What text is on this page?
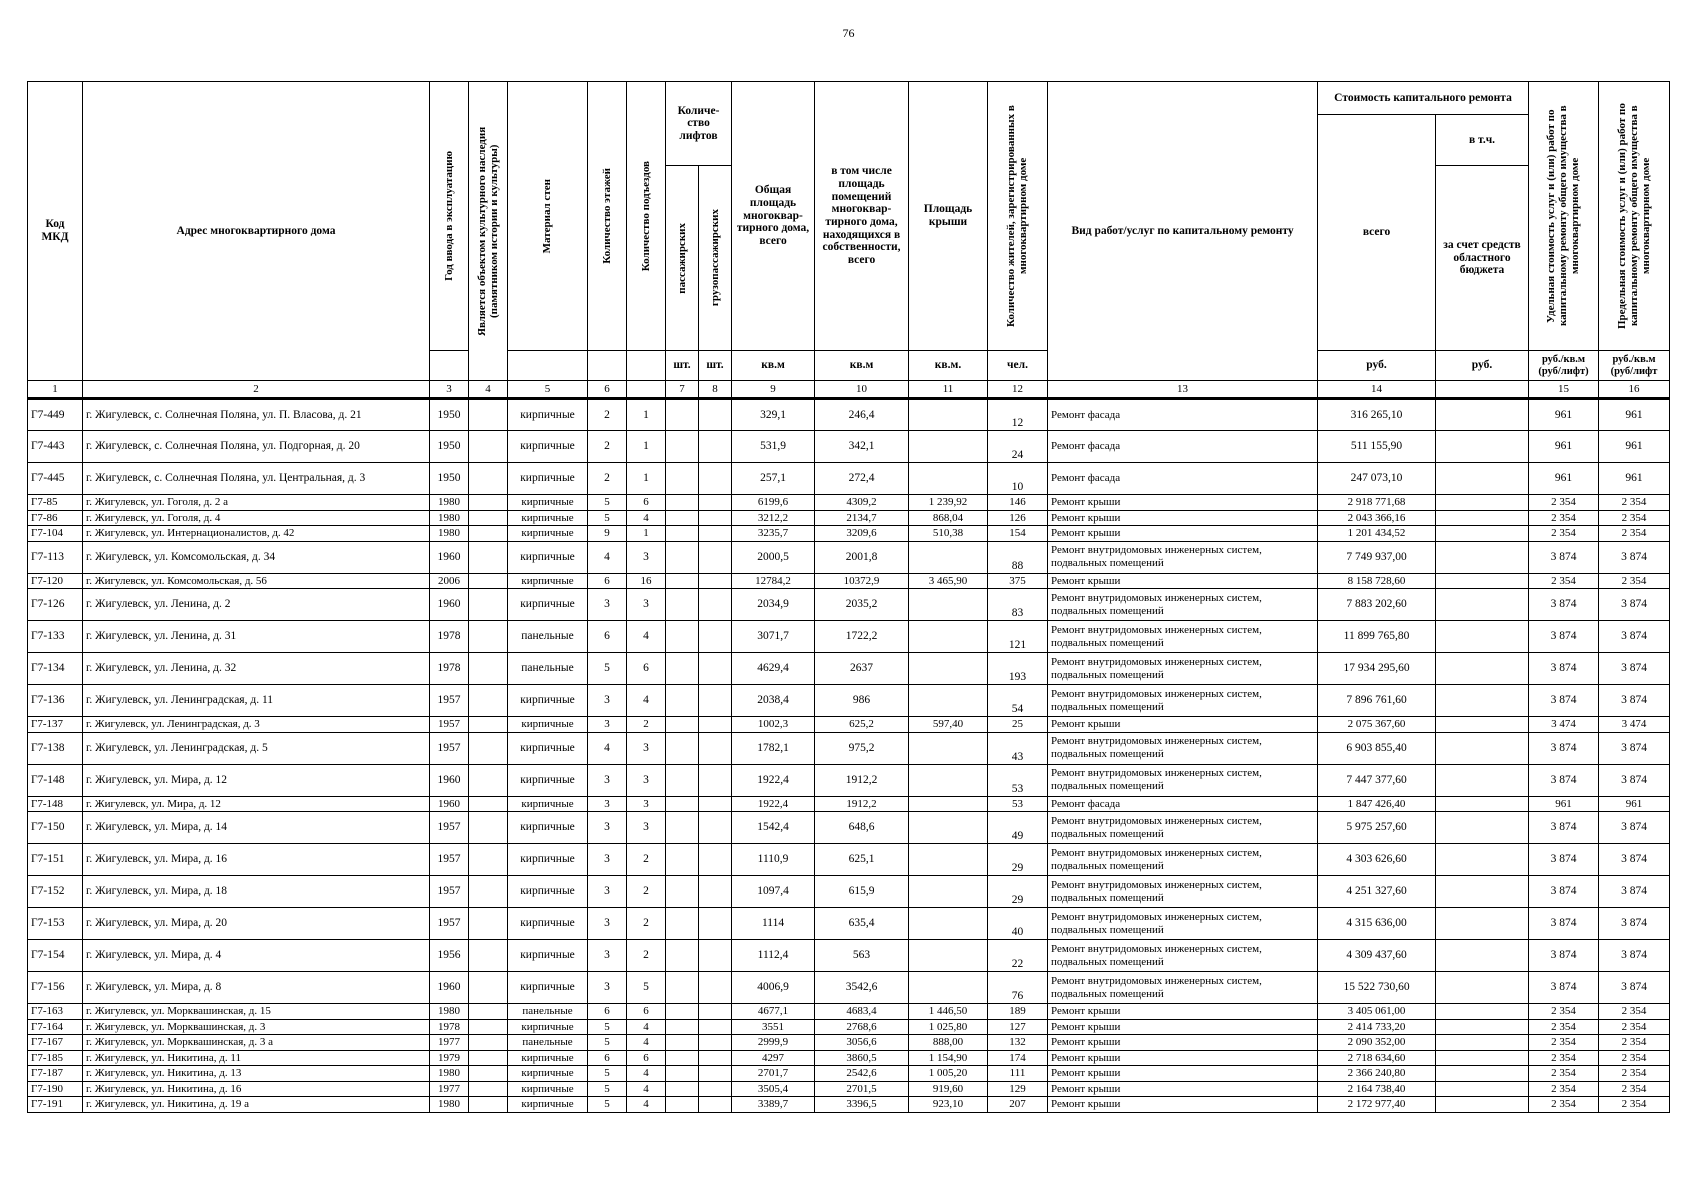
76
Код МКД	Адрес многоквартирного дома	Год ввода в эксплуатацию	Является объектом культурного наследия (памятником истории и культуры)	Материал стен	Количество этажей	Количество подъездов	Количе-ство лифтов		Общая площадь многоквар-тирного дома, всего	в том числе площадь помещений многоквар-тирного дома, находящихся в собственности, всего	Площадь крыши	Количество жителей, зарегистрированных в многоквартирном доме	Вид работ/услуг по капитальному ремонту	Стоимость капитального ремонта		Удельная стоимость услуг и (или) работ по капитальному ремонту общего имущества в многоквартирном доме	Предельная стоимость услуг и (или) работ по капитальному ремонту общего имущества в многоквартирном доме

														всего	в т.ч.		

							пассажирских	грузопассажирских							за счет средств областного бюджета		
							шт.	шт.	кв.м	кв.м	кв.м.	чел.		руб.	руб.	руб./кв.м (руб/лифт)	руб./кв.м (руб/лифт
1	2	3	4	5	6		7	8	9	10	11	12	13	14		15	16
Г7-449	г. Жигулевск, с. Солнечная Поляна, ул. П. Власова, д. 21	1950		кирпичные	2	1			329,1	246,4		12	Ремонт фасада	316 265,10		961	961
Г7-443	г. Жигулевск, с. Солнечная Поляна, ул. Подгорная, д. 20	1950		кирпичные	2	1			531,9	342,1		24	Ремонт фасада	511 155,90		961	961
Г7-445	г. Жигулевск, с. Солнечная Поляна, ул. Центральная, д. 3	1950		кирпичные	2	1			257,1	272,4		10	Ремонт фасада	247 073,10		961	961
Г7-85	г. Жигулевск, ул. Гоголя, д. 2 а	1980		кирпичные	5	6			6199,6	4309,2	1 239,92	146	Ремонт крыши	2 918 771,68		2 354	2 354
Г7-86	г. Жигулевск, ул. Гоголя, д. 4	1980		кирпичные	5	4			3212,2	2134,7	868,04	126	Ремонт крыши	2 043 366,16		2 354	2 354
Г7-104	г. Жигулевск, ул. Интернационалистов, д. 42	1980		кирпичные	9	1			3235,7	3209,6	510,38	154	Ремонт крыши	1 201 434,52		2 354	2 354
Г7-113	г. Жигулевск, ул. Комсомольская, д. 34	1960		кирпичные	4	3			2000,5	2001,8		88	Ремонт внутридомовых инженерных систем, подвальных помещений	7 749 937,00		3 874	3 874
Г7-120	г. Жигулевск, ул. Комсомольская, д. 56	2006		кирпичные	6	16			12784,2	10372,9	3 465,90	375	Ремонт крыши	8 158 728,60		2 354	2 354
Г7-126	г. Жигулевск, ул. Ленина, д. 2	1960		кирпичные	3	3			2034,9	2035,2		83	Ремонт внутридомовых инженерных систем, подвальных помещений	7 883 202,60		3 874	3 874
Г7-133	г. Жигулевск, ул. Ленина, д. 31	1978		панельные	6	4			3071,7	1722,2		121	Ремонт внутридомовых инженерных систем, подвальных помещений	11 899 765,80		3 874	3 874
Г7-134	г. Жигулевск, ул. Ленина, д. 32	1978		панельные	5	6			4629,4	2637		193	Ремонт внутридомовых инженерных систем, подвальных помещений	17 934 295,60		3 874	3 874
Г7-136	г. Жигулевск, ул. Ленинградская, д. 11	1957		кирпичные	3	4			2038,4	986		54	Ремонт внутридомовых инженерных систем, подвальных помещений	7 896 761,60		3 874	3 874
Г7-137	г. Жигулевск, ул. Ленинградская, д. 3	1957		кирпичные	3	2			1002,3	625,2	597,40	25	Ремонт крыши	2 075 367,60		3 474	3 474
Г7-138	г. Жигулевск, ул. Ленинградская, д. 5	1957		кирпичные	4	3			1782,1	975,2		43	Ремонт внутридомовых инженерных систем, подвальных помещений	6 903 855,40		3 874	3 874
Г7-148	г. Жигулевск, ул. Мира, д. 12	1960		кирпичные	3	3			1922,4	1912,2		53	Ремонт внутридомовых инженерных систем, подвальных помещений	7 447 377,60		3 874	3 874
Г7-148	г. Жигулевск, ул. Мира, д. 12	1960		кирпичные	3	3			1922,4	1912,2		53	Ремонт фасада	1 847 426,40		961	961
Г7-150	г. Жигулевск, ул. Мира, д. 14	1957		кирпичные	3	3			1542,4	648,6		49	Ремонт внутридомовых инженерных систем, подвальных помещений	5 975 257,60		3 874	3 874
Г7-151	г. Жигулевск, ул. Мира, д. 16	1957		кирпичные	3	2			1110,9	625,1		29	Ремонт внутридомовых инженерных систем, подвальных помещений	4 303 626,60		3 874	3 874
Г7-152	г. Жигулевск, ул. Мира, д. 18	1957		кирпичные	3	2			1097,4	615,9		29	Ремонт внутридомовых инженерных систем, подвальных помещений	4 251 327,60		3 874	3 874
Г7-153	г. Жигулевск, ул. Мира, д. 20	1957		кирпичные	3	2			1114	635,4		40	Ремонт внутридомовых инженерных систем, подвальных помещений	4 315 636,00		3 874	3 874
Г7-154	г. Жигулевск, ул. Мира, д. 4	1956		кирпичные	3	2			1112,4	563		22	Ремонт внутридомовых инженерных систем, подвальных помещений	4 309 437,60		3 874	3 874
Г7-156	г. Жигулевск, ул. Мира, д. 8	1960		кирпичные	3	5			4006,9	3542,6		76	Ремонт внутридомовых инженерных систем, подвальных помещений	15 522 730,60		3 874	3 874
Г7-163	г. Жигулевск, ул. Морквашинская, д. 15	1980		панельные	6	6			4677,1	4683,4	1 446,50	189	Ремонт крыши	3 405 061,00		2 354	2 354
Г7-164	г. Жигулевск, ул. Морквашинская, д. 3	1978		кирпичные	5	4			3551	2768,6	1 025,80	127	Ремонт крыши	2 414 733,20		2 354	2 354
Г7-167	г. Жигулевск, ул. Морквашинская, д. 3 а	1977		панельные	5	4			2999,9	3056,6	888,00	132	Ремонт крыши	2 090 352,00		2 354	2 354
Г7-185	г. Жигулевск, ул. Никитина, д. 11	1979		кирпичные	6	6			4297	3860,5	1 154,90	174	Ремонт крыши	2 718 634,60		2 354	2 354
Г7-187	г. Жигулевск, ул. Никитина, д. 13	1980		кирпичные	5	4			2701,7	2542,6	1 005,20	111	Ремонт крыши	2 366 240,80		2 354	2 354
Г7-190	г. Жигулевск, ул. Никитина, д. 16	1977		кирпичные	5	4			3505,4	2701,5	919,60	129	Ремонт крыши	2 164 738,40		2 354	2 354
Г7-191	г. Жигулевск, ул. Никитина, д. 19 а	1980		кирпичные	5	4			3389,7	3396,5	923,10	207	Ремонт крыши	2 172 977,40		2 354	2 354
